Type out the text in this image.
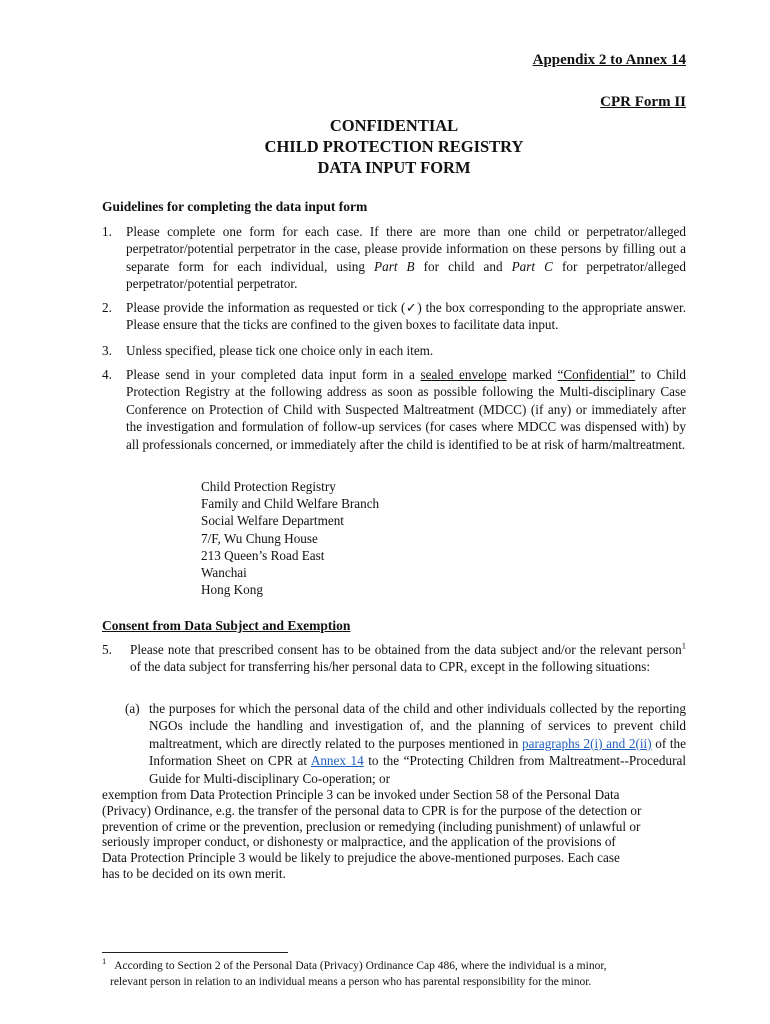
Appendix 2 to Annex 14
CPR Form II
CONFIDENTIAL
CHILD PROTECTION REGISTRY
DATA INPUT FORM
Guidelines for completing the data input form
1. Please complete one form for each case. If there are more than one child or perpetrator/alleged perpetrator/potential perpetrator in the case, please provide information on these persons by filling out a separate form for each individual, using Part B for child and Part C for perpetrator/alleged perpetrator/potential perpetrator.
2. Please provide the information as requested or tick (✓) the box corresponding to the appropriate answer. Please ensure that the ticks are confined to the given boxes to facilitate data input.
3. Unless specified, please tick one choice only in each item.
4. Please send in your completed data input form in a sealed envelope marked “Confidential” to Child Protection Registry at the following address as soon as possible following the Multi-disciplinary Case Conference on Protection of Child with Suspected Maltreatment (MDCC) (if any) or immediately after the investigation and formulation of follow-up services (for cases where MDCC was dispensed with) by all professionals concerned, or immediately after the child is identified to be at risk of harm/maltreatment.
Child Protection Registry
Family and Child Welfare Branch
Social Welfare Department
7/F, Wu Chung House
213 Queen’s Road East
Wanchai
Hong Kong
Consent from Data Subject and Exemption
5. Please note that prescribed consent has to be obtained from the data subject and/or the relevant person$^1$ of the data subject for transferring his/her personal data to CPR, except in the following situations:
(a) the purposes for which the personal data of the child and other individuals collected by the reporting NGOs include the handling and investigation of, and the planning of services to prevent child maltreatment, which are directly related to the purposes mentioned in paragraphs 2(i) and 2(ii) of the Information Sheet on CPR at Annex 14 to the “Protecting Children from Maltreatment--Procedural Guide for Multi-disciplinary Co-operation; or
exemption from Data Protection Principle 3 can be invoked under Section 58 of the Personal Data
(Privacy) Ordinance, e.g. the transfer of the personal data to CPR is for the purpose of the detection or
prevention of crime or the prevention, preclusion or remedying (including punishment) of unlawful or
seriously improper conduct, or dishonesty or malpractice, and the application of the provisions of
Data Protection Principle 3 would be likely to prejudice the above-mentioned purposes. Each case
has to be decided on its own merit.
$^1$ According to Section 2 of the Personal Data (Privacy) Ordinance Cap 486, where the individual is a minor,
relevant person in relation to an individual means a person who has parental responsibility for the minor.
